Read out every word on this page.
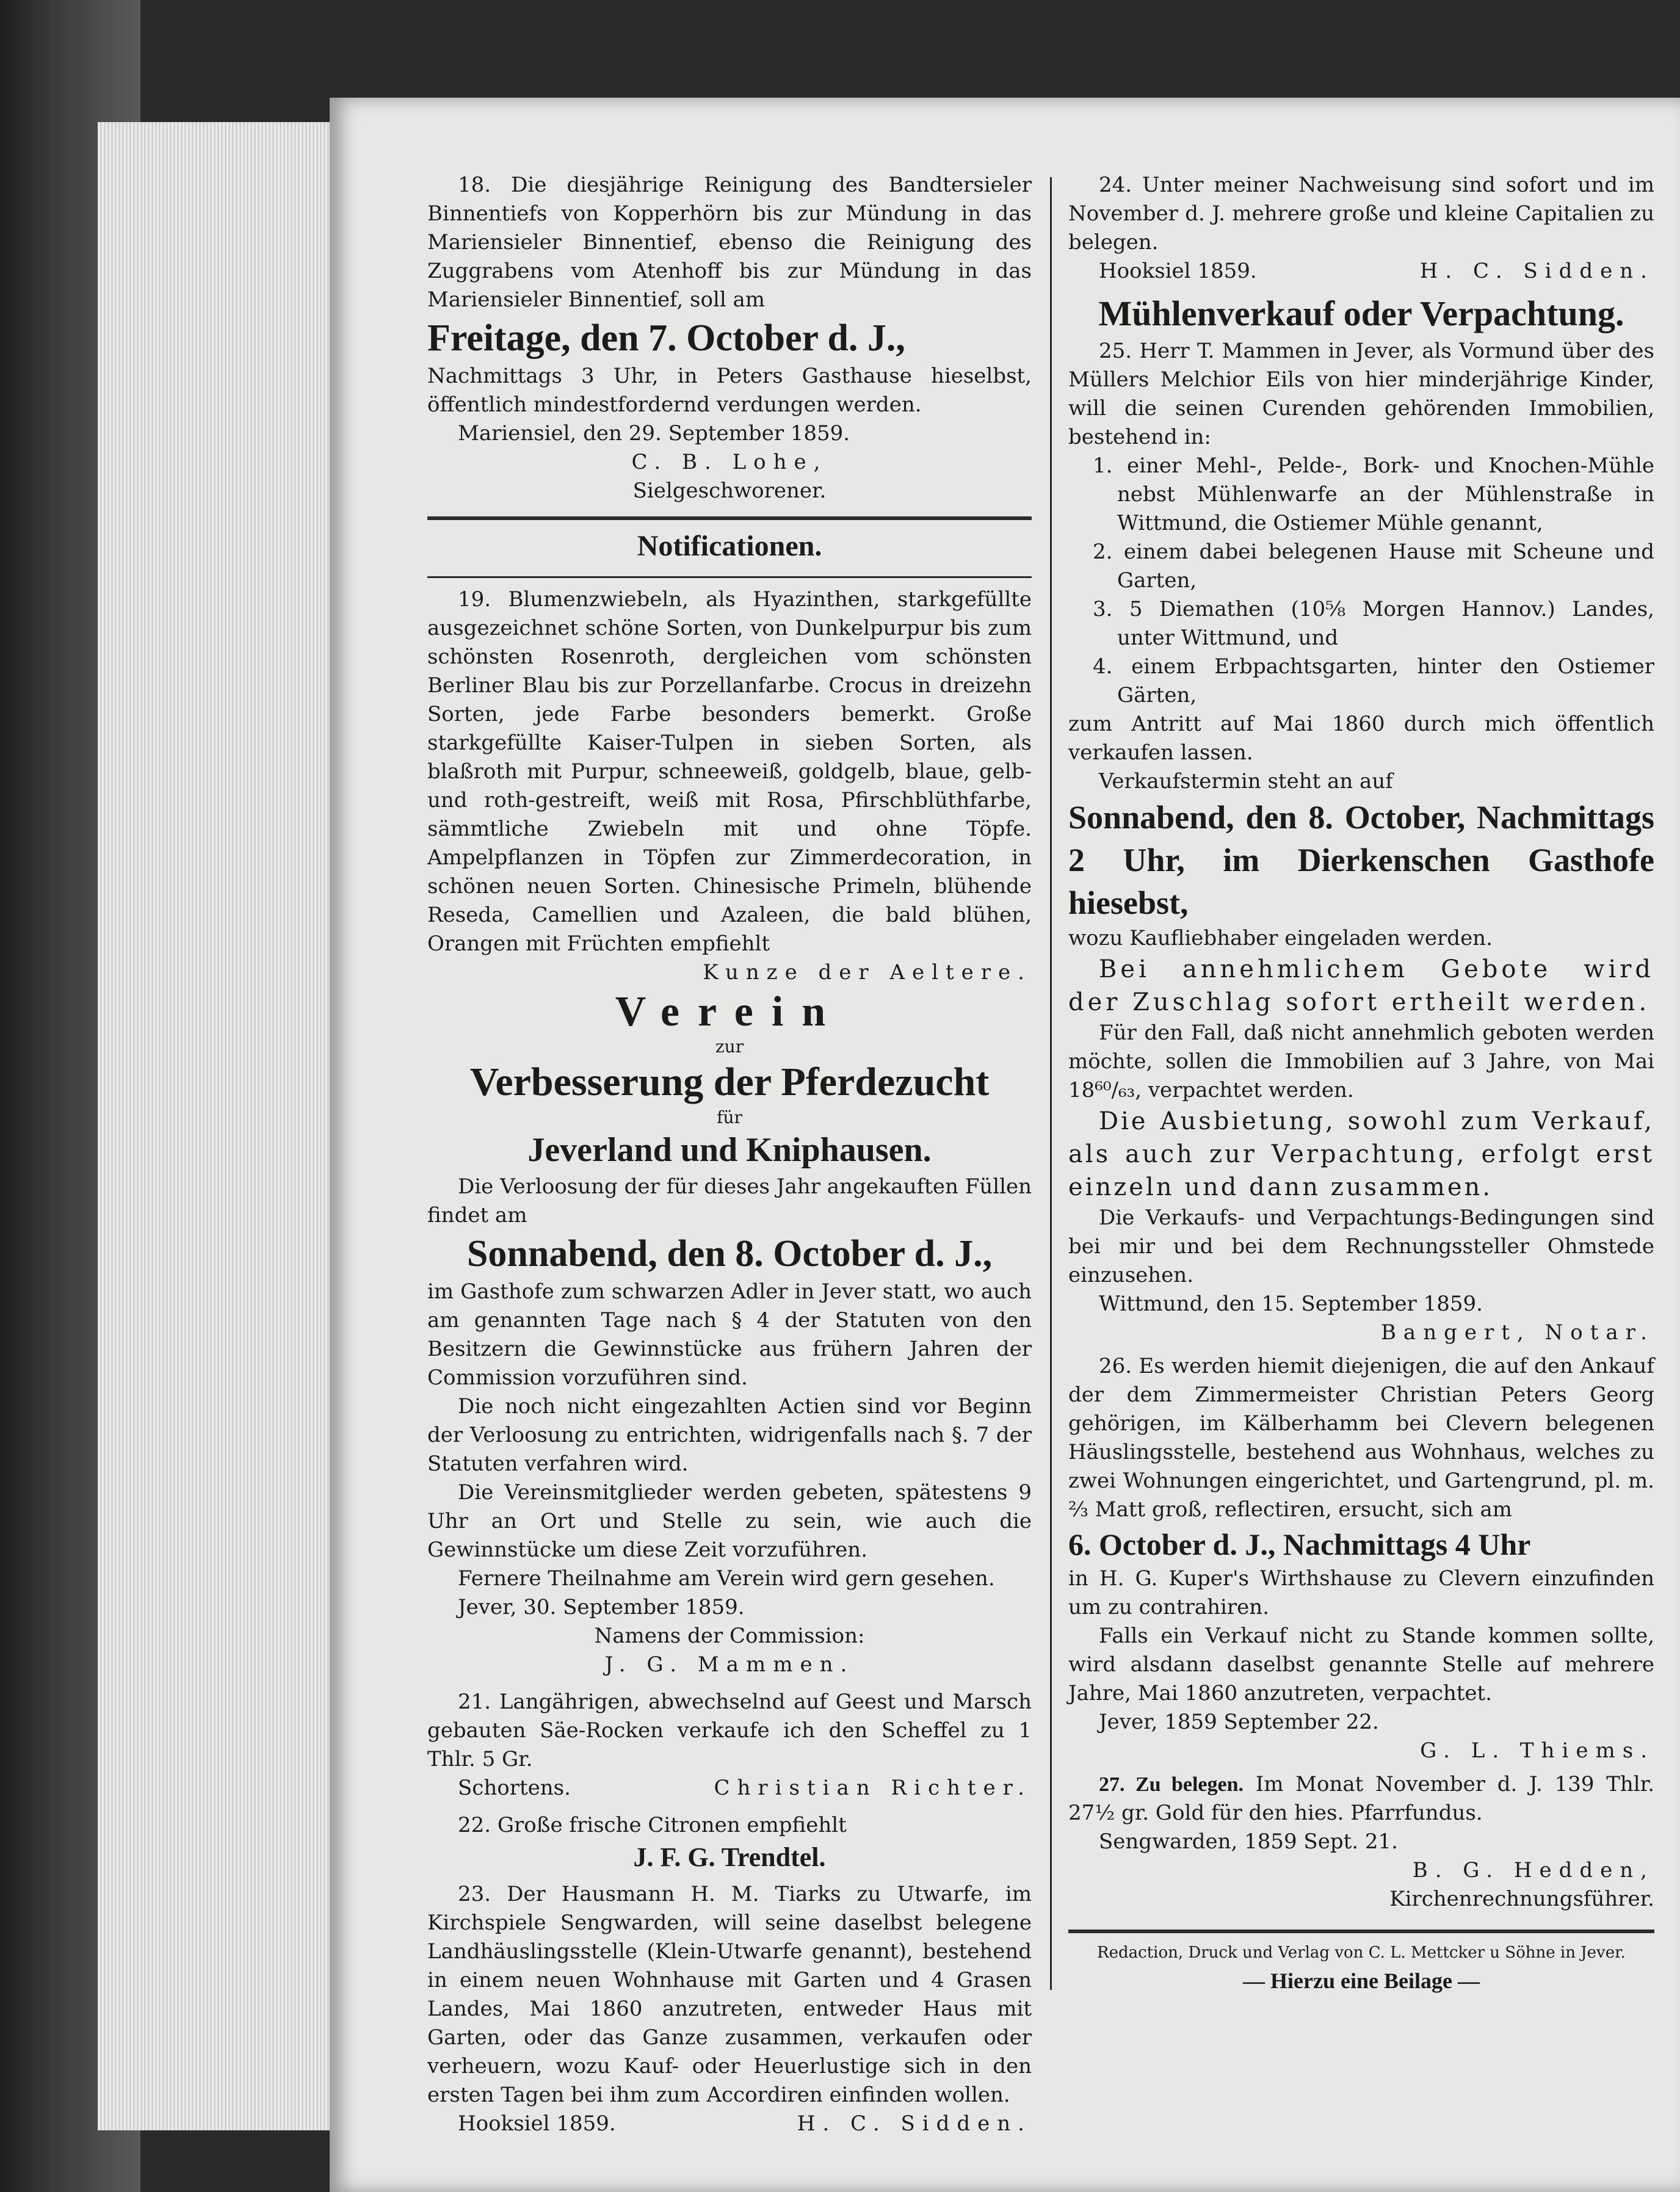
18. Die diesjährige Reinigung des Bandtersieler Binnentiefs von Kopperhörn bis zur Mündung in das Mariensieler Binnentief, ebenso die Reinigung des Zuggrabens vom Atenhoff bis zur Mündung in das Mariensieler Binnentief, soll am

Freitage, den 7. October d. J.,

Nachmittags 3 Uhr, in Peters Gasthause hieselbst, öffentlich mindestfordernd verdungen werden.

Mariensiel, den 29. September 1859.

C. B. Lohe,

Sielgeschworener.

Notificationen.

19. Blumenzwiebeln, als Hyazinthen, starkgefüllte ausgezeichnet schöne Sorten, von Dunkelpurpur bis zum schönsten Rosenroth, dergleichen vom schönsten Berliner Blau bis zur Porzellanfarbe. Crocus in dreizehn Sorten, jede Farbe besonders bemerkt. Große starkgefüllte Kaiser-Tulpen in sieben Sorten, als blaßroth mit Purpur, schneeweiß, goldgelb, blaue, gelb- und roth-gestreift, weiß mit Rosa, Pfirschblüthfarbe, sämmtliche Zwiebeln mit und ohne Töpfe. Ampelpflanzen in Töpfen zur Zimmerdecoration, in schönen neuen Sorten. Chinesische Primeln, blühende Reseda, Camellien und Azaleen, die bald blühen, Orangen mit Früchten empfiehlt

Kunze der Aeltere.

Verein

zur

Verbesserung der Pferdezucht

für

Jeverland und Kniphausen.

Die Verloosung der für dieses Jahr angekauften Füllen findet am

Sonnabend, den 8. October d. J.,

im Gasthofe zum schwarzen Adler in Jever statt, wo auch am genannten Tage nach § 4 der Statuten von den Besitzern die Gewinnstücke aus frühern Jahren der Commission vorzuführen sind.

Die noch nicht eingezahlten Actien sind vor Beginn der Verloosung zu entrichten, widrigenfalls nach §. 7 der Statuten verfahren wird.

Die Vereinsmitglieder werden gebeten, spätestens 9 Uhr an Ort und Stelle zu sein, wie auch die Gewinnstücke um diese Zeit vorzuführen.

Fernere Theilnahme am Verein wird gern gesehen.

Jever, 30. September 1859.

Namens der Commission:

J. G. Mammen.

21. Langährigen, abwechselnd auf Geest und Marsch gebauten Säe-Rocken verkaufe ich den Scheffel zu 1 Thlr. 5 Gr.

Schortens.	Christian Richter.

22. Große frische Citronen empfiehlt

J. F. G. Trendtel.

23. Der Hausmann H. M. Tiarks zu Utwarfe, im Kirchspiele Sengwarden, will seine daselbst belegene Landhäuslingsstelle (Klein-Utwarfe genannt), bestehend in einem neuen Wohnhause mit Garten und 4 Grasen Landes, Mai 1860 anzutreten, entweder Haus mit Garten, oder das Ganze zusammen, verkaufen oder verheuern, wozu Kauf- oder Heuerlustige sich in den ersten Tagen bei ihm zum Accordiren einfinden wollen.

Hooksiel 1859.	H. C. Sidden.

24. Unter meiner Nachweisung sind sofort und im November d. J. mehrere große und kleine Capitalien zu belegen.

Hooksiel 1859.	H. C. Sidden.

Mühlenverkauf oder Verpachtung.

25. Herr T. Mammen in Jever, als Vormund über des Müllers Melchior Eils von hier minderjährige Kinder, will die seinen Curenden gehörenden Immobilien, bestehend in:

1. einer Mehl-, Pelde-, Bork- und Knochen-Mühle nebst Mühlenwarfe an der Mühlenstraße in Wittmund, die Ostiemer Mühle genannt,

2. einem dabei belegenen Hause mit Scheune und Garten,

3. 5 Diemathen (10⅝ Morgen Hannov.) Landes, unter Wittmund, und

4. einem Erbpachtsgarten, hinter den Ostiemer Gärten,

zum Antritt auf Mai 1860 durch mich öffentlich verkaufen lassen.

Verkaufstermin steht an auf

Sonnabend, den 8. October, Nachmittags 2 Uhr, im Dierkenschen Gasthofe hiesebst,

wozu Kaufliebhaber eingeladen werden.

Bei annehmlichem Gebote wird der Zuschlag sofort ertheilt werden.

Für den Fall, daß nicht annehmlich geboten werden möchte, sollen die Immobilien auf 3 Jahre, von Mai 18⁶⁰/₆₃, verpachtet werden.

Die Ausbietung, sowohl zum Verkauf, als auch zur Verpachtung, erfolgt erst einzeln und dann zusammen.

Die Verkaufs- und Verpachtungs-Bedingungen sind bei mir und bei dem Rechnungssteller Ohmstede einzusehen.

Wittmund, den 15. September 1859.

Bangert, Notar.

26. Es werden hiemit diejenigen, die auf den Ankauf der dem Zimmermeister Christian Peters Georg gehörigen, im Kälberhamm bei Clevern belegenen Häuslingsstelle, bestehend aus Wohnhaus, welches zu zwei Wohnungen eingerichtet, und Gartengrund, pl. m. ⅔ Matt groß, reflectiren, ersucht, sich am

6. October d. J., Nachmittags 4 Uhr

in H. G. Kuper's Wirthshause zu Clevern einzufinden um zu contrahiren.

Falls ein Verkauf nicht zu Stande kommen sollte, wird alsdann daselbst genannte Stelle auf mehrere Jahre, Mai 1860 anzutreten, verpachtet.

Jever, 1859 September 22.

G. L. Thiems.

27. Zu belegen. Im Monat November d. J. 139 Thlr. 27½ gr. Gold für den hies. Pfarrfundus.

Sengwarden, 1859 Sept. 21.

B. G. Hedden,

Kirchenrechnungsführer.

Redaction, Druck und Verlag von C. L. Mettcker u Söhne in Jever.

— Hierzu eine Beilage —
